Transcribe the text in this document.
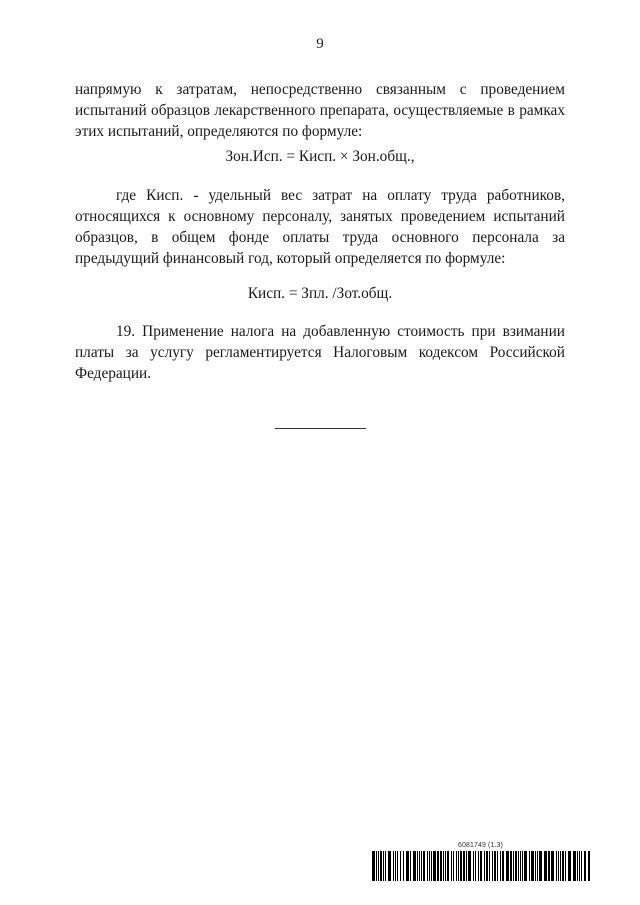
9

напрямую к затратам, непосредственно связанным с проведением испытаний образцов лекарственного препарата, осуществляемые в рамках этих испытаний, определяются по формуле:

Зон.Исп. = Кисп. × Зон.общ.,

где Кисп. - удельный вес затрат на оплату труда работников, относящихся к основному персоналу, занятых проведением испытаний образцов, в общем фонде оплаты труда основного персонала за предыдущий финансовый год, который определяется по формуле:

Кисп. = Зпл. /Зот.общ.

19. Применение налога на добавленную стоимость при взимании платы за услугу регламентируется Налоговым кодексом Российской Федерации.

6081749 (1.3)
